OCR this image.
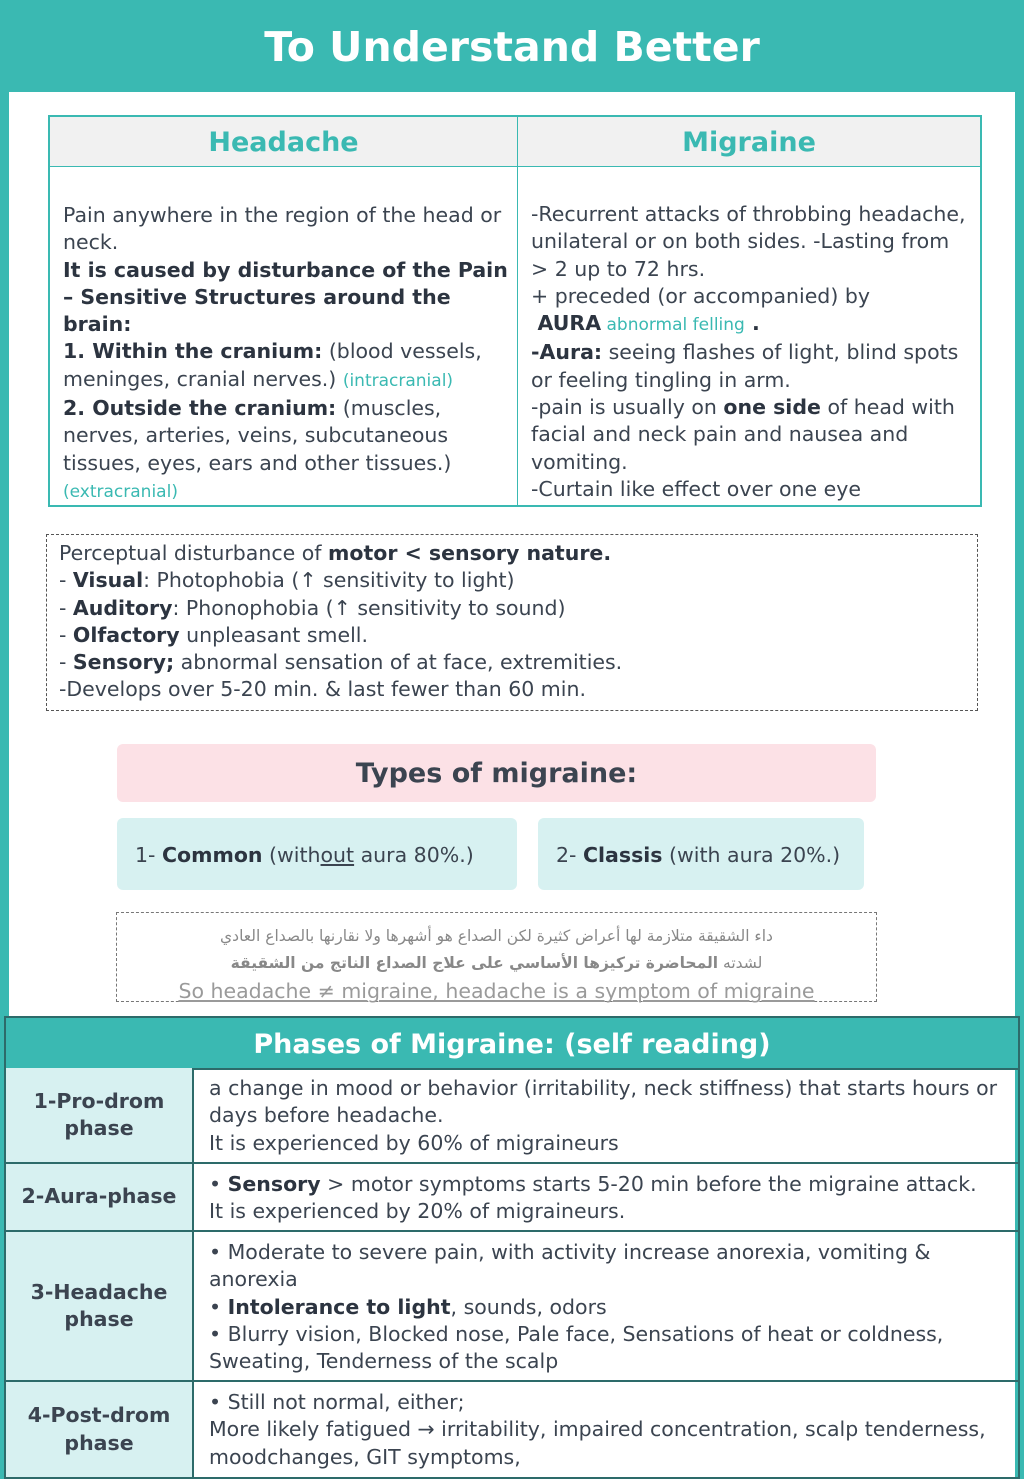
To Understand Better
Headache	Migraine
Pain anywhere in the region of the head or neck.
It is caused by disturbance of the Pain – Sensitive Structures around the brain:
1. Within the cranium: (blood vessels, meninges, cranial nerves.) (intracranial)
2. Outside the cranium: (muscles, nerves, arteries, veins, subcutaneous tissues, eyes, ears and other tissues.)
(extracranial)
-Recurrent attacks of throbbing headache, unilateral or on both sides. -Lasting from > 2 up to 72 hrs.
+ preceded (or accompanied) by
AURA abnormal felling .
-Aura: seeing flashes of light, blind spots or feeling tingling in arm.
-pain is usually on one side of head with facial and neck pain and nausea and vomiting.
-Curtain like effect over one eye
Perceptual disturbance of motor < sensory nature.
- Visual: Photophobia (↑ sensitivity to light)
- Auditory: Phonophobia (↑ sensitivity to sound)
- Olfactory unpleasant smell.
- Sensory; abnormal sensation of at face, extremities.
-Develops over 5-20 min. & last fewer than 60 min.
Types of migraine:
1- Common (without aura 80%.)	2- Classis (with aura 20%.)
داء الشقيقة متلازمة لها أعراض كثيرة لكن الصداع هو أشهرها ولا نقارنها بالصداع العادي
لشدته المحاضرة تركيزها الأساسي على علاج الصداع الناتج من الشقيقة
So headache ≠ migraine, headache is a symptom of migraine
Phases of Migraine: (self reading)
1-Pro-drom phase
a change in mood or behavior (irritability, neck stiffness) that starts hours or days before headache.
It is experienced by 60% of migraineurs
2-Aura-phase
• Sensory > motor symptoms starts 5-20 min before the migraine attack.
It is experienced by 20% of migraineurs.
3-Headache phase
• Moderate to severe pain, with activity increase anorexia, vomiting & anorexia
• Intolerance to light, sounds, odors
• Blurry vision, Blocked nose, Pale face, Sensations of heat or coldness, Sweating, Tenderness of the scalp
4-Post-drom phase
• Still not normal, either;
More likely fatigued → irritability, impaired concentration, scalp tenderness, moodchanges, GIT symptoms,
